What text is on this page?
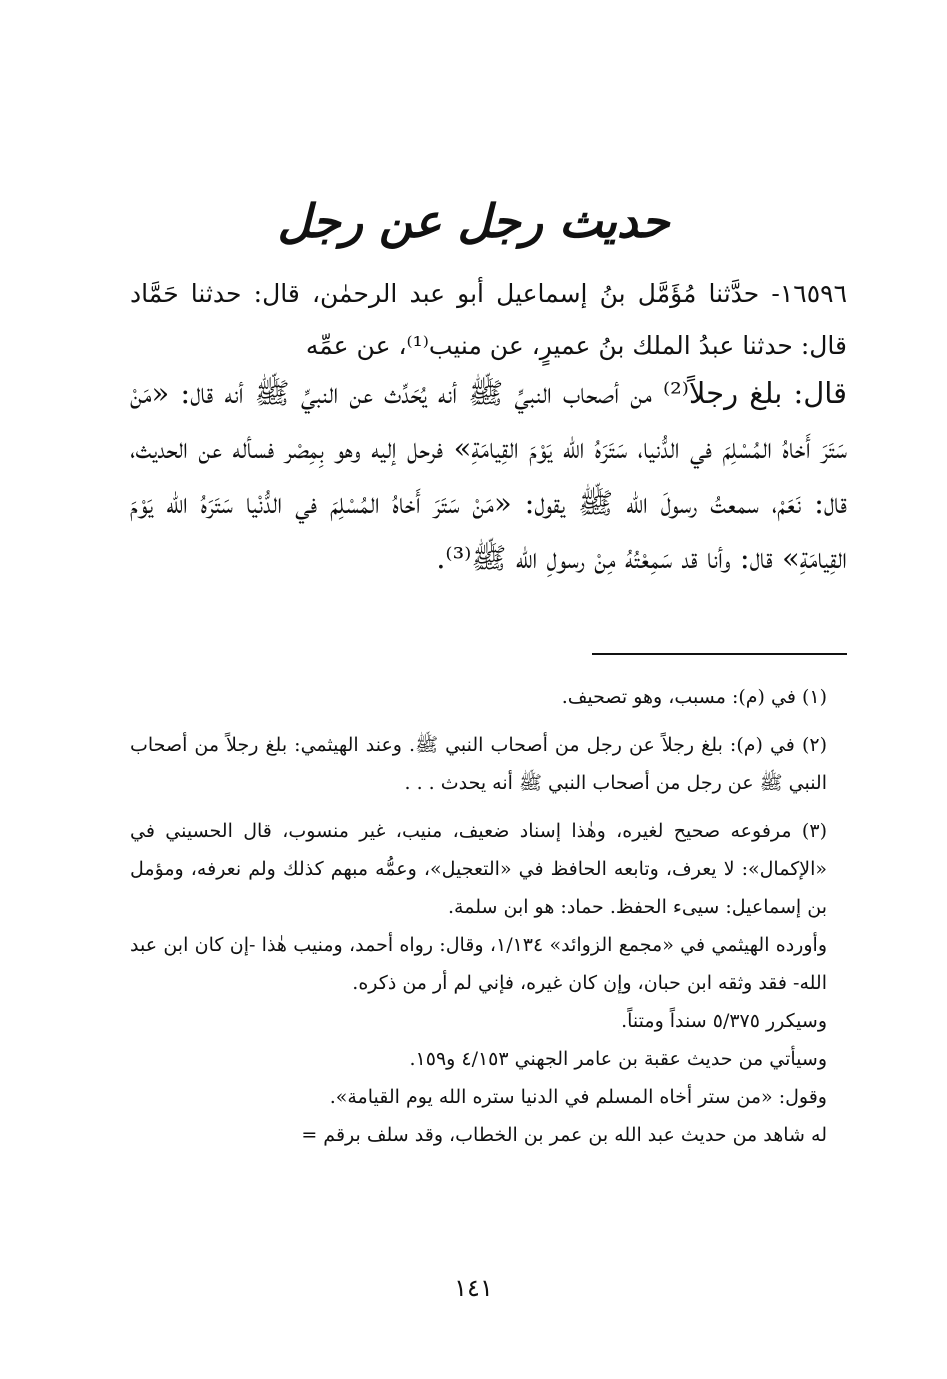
حديث رجل عن رجل
١٦٥٩٦- حدَّثنا مُؤَمَّل بنُ إسماعيل أبو عبد الرحمٰن، قال: حدثنا حَمَّاد قال: حدثنا عبدُ الملك بنُ عميرٍ، عن منيب⁽¹⁾، عن عمِّه
قال: بلغ رجلاً⁽²⁾ من أصحاب النبيِّ ﷺ أنه يُحَدِّث عن النبيِّ ﷺ أنه قال: «مَنْ سَتَرَ أَخاهُ المُسْلِمَ في الدُّنيا، سَتَرَهُ الله يَوْمَ القِيامَةِ» فرحل إليه وهو بِمِصْر فسأله عن الحديث، قال: نَعَمْ، سمعتُ رسولَ الله ﷺ يقول: «مَنْ سَتَرَ أَخاهُ المُسْلِمَ في الدُّنْيا سَتَرَهُ الله يَوْمَ القِيامَةِ» قال: وأنا قد سَمِعْتُهُ مِنْ رسولِ الله ﷺ⁽³⁾.

(١) في (م): مسبب، وهو تصحيف.

(٢) في (م): بلغ رجلاً عن رجل من أصحاب النبي ﷺ. وعند الهيثمي: بلغ رجلاً من أصحاب النبي ﷺ عن رجل من أصحاب النبي ﷺ أنه يحدث . . .

(٣) مرفوعه صحيح لغيره، وهٰذا إسناد ضعيف، منيب، غير منسوب، قال الحسيني في «الإكمال»: لا يعرف، وتابعه الحافظ في «التعجيل»، وعمُّه مبهم كذلك ولم نعرفه، ومؤمل بن إسماعيل: سيىء الحفظ. حماد: هو ابن سلمة.

وأورده الهيثمي في «مجمع الزوائد» ١/١٣٤، وقال: رواه أحمد، ومنيب هٰذا -إن كان ابن عبد الله- فقد وثقه ابن حبان، وإن كان غيره، فإني لم أر من ذكره.

وسيكرر ٥/٣٧٥ سنداً ومتناً.

وسيأتي من حديث عقبة بن عامر الجهني ٤/١٥٣ و١٥٩.

وقول: «من ستر أخاه المسلم في الدنيا ستره الله يوم القيامة».

له شاهد من حديث عبد الله بن عمر بن الخطاب، وقد سلف برقم =

١٤١
